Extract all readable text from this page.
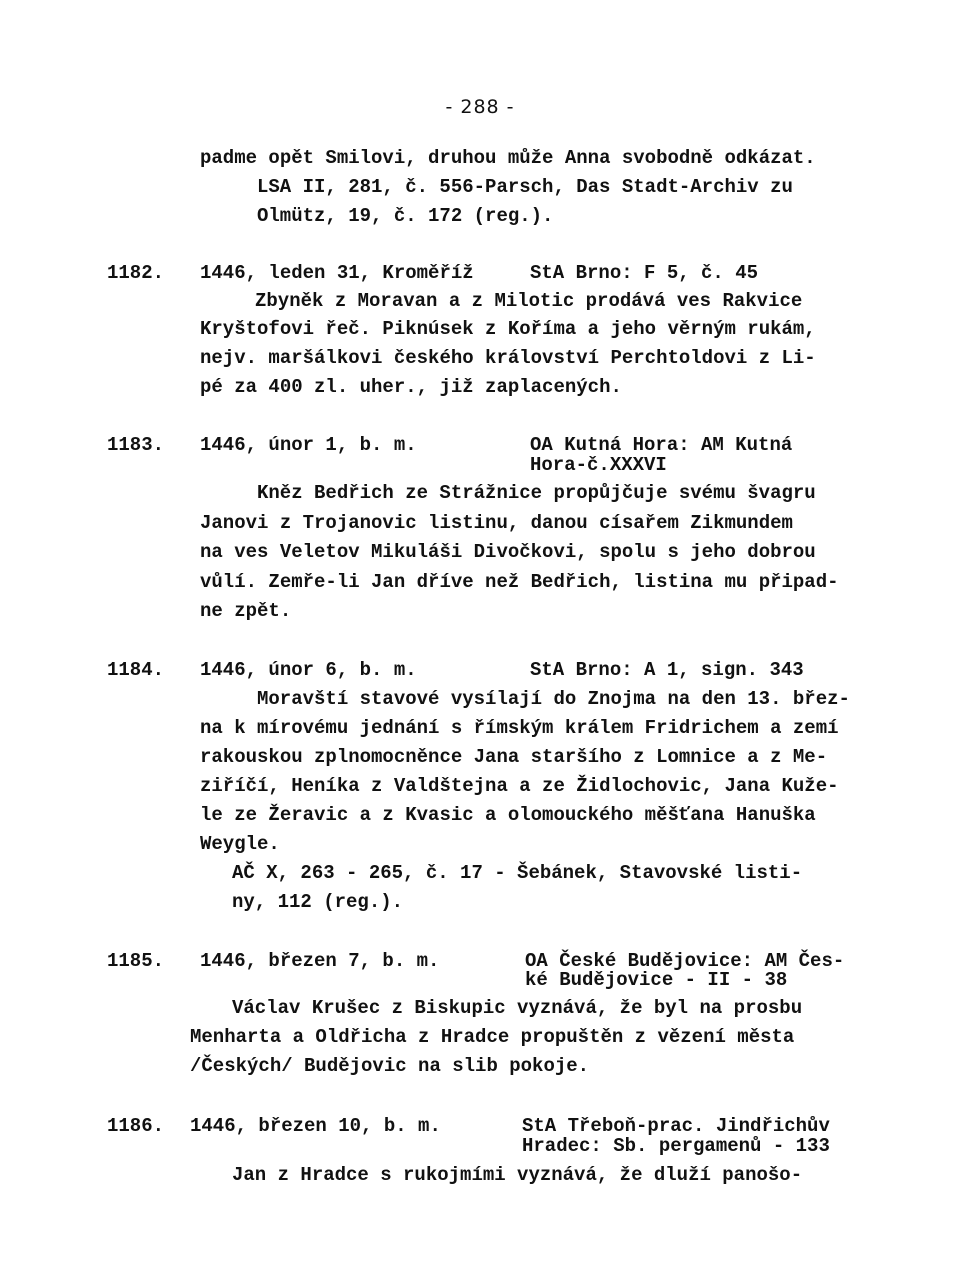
- 288 -
padme opět Smilovi, druhou může Anna svobodně odkázat.
LSA II, 281, č. 556-Parsch, Das Stadt-Archiv zu
Olmütz, 19, č. 172 (reg.).
1182. 1446, leden 31, Kroměříž	StA Brno: F 5, č. 45
Zbyněk z Moravan a z Milotic prodává ves Rakvice
Kryštofovi řeč. Piknúsek z Kořímа a jeho věrným rukám,
nejv. maršálkovi českého království Perchtoldovi z Li-
pé za 400 zl. uher., již zaplacených.
1183. 1446, únor 1, b. m.	OA Kutná Hora: AM Kutná
Hora-č.XXXVI
Kněz Bedřich ze Strážnice propůjčuje svému švagru
Janovi z Trojanovic listinu, danou císařem Zikmundem
na ves Veletov Mikulášі Divočkovi, spolu s jeho dobrou
vůlí. Zemře-li Jan dříve než Bedřich, listina mu připad-
ne zpět.
1184. 1446, únor 6, b. m.	StA Brno: A 1, sign. 343
Moravští stavové vysílají do Znojma na den 13. břez-
na k mírovému jednání s římským králem Fridrichem a zemí
rakouskou zplnomocněnce Jana staršího z Lomnice a z Me-
ziříčí, Heníka z Valdštejna a ze Židlochovic, Jana Kuže-
le ze Žeravic a z Kvasic a olomouckého měšťana Hanuška
Weygle.
AČ X, 263 - 265, č. 17 - Šebánek, Stavovské listi-
ny, 112 (reg.).
1185. 1446, březen 7, b. m.	OA České Budějovice: AM Čes-
ké Budějovice - II - 38
Václav Krušec z Biskupic vyznává, že byl na prosbu
Menharta a Oldřicha z Hradce propuštěn z vězení města
/Českých/ Budějovic na slib pokoje.
1186. 1446, březen 10, b. m.	StA Třeboň-prac. Jindřichův
Hradec: Sb. pergamenů - 133
Jan z Hradce s rukojmími vyznává, že dluží panošo-
